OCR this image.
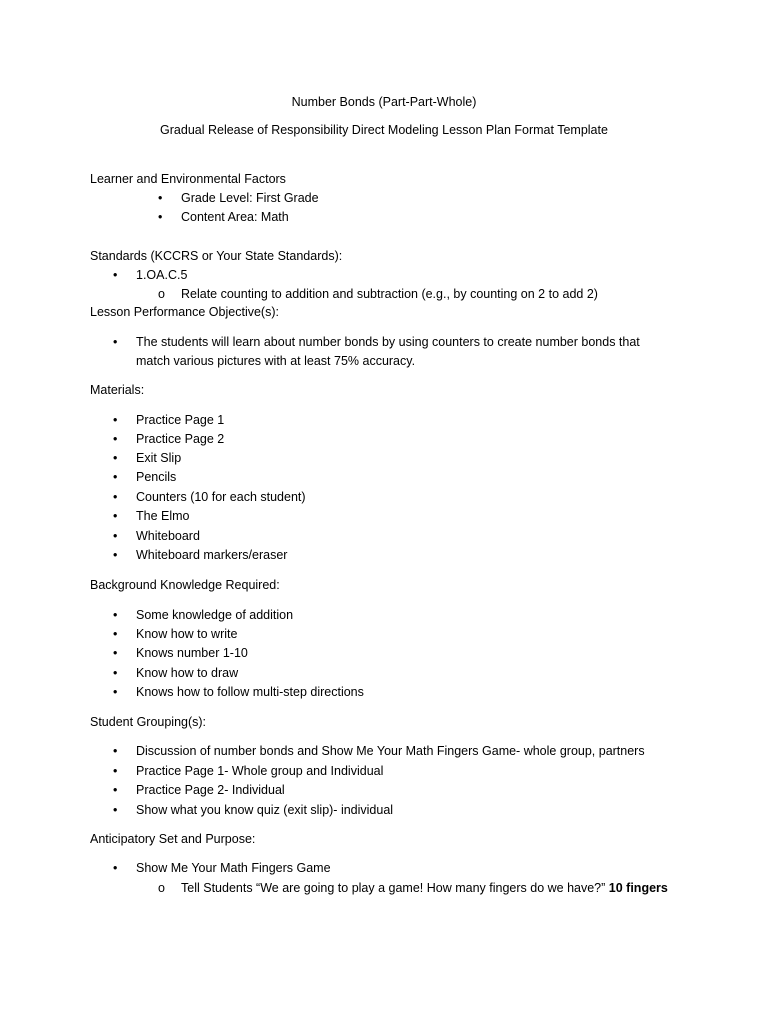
Number Bonds (Part-Part-Whole)
Gradual Release of Responsibility Direct Modeling Lesson Plan Format Template
Learner and Environmental Factors
• Grade Level: First Grade
• Content Area: Math
Standards (KCCRS or Your State Standards):
• 1.OA.C.5
o Relate counting to addition and subtraction (e.g., by counting on 2 to add 2)
Lesson Performance Objective(s):
• The students will learn about number bonds by using counters to create number bonds that
match various pictures with at least 75% accuracy.
Materials:
• Practice Page 1
• Practice Page 2
• Exit Slip
• Pencils
• Counters (10 for each student)
• The Elmo
• Whiteboard
• Whiteboard markers/eraser
Background Knowledge Required:
• Some knowledge of addition
• Know how to write
• Knows number 1-10
• Know how to draw
• Knows how to follow multi-step directions
Student Grouping(s):
• Discussion of number bonds and Show Me Your Math Fingers Game- whole group, partners
• Practice Page 1- Whole group and Individual
• Practice Page 2- Individual
• Show what you know quiz (exit slip)- individual
Anticipatory Set and Purpose:
• Show Me Your Math Fingers Game
o Tell Students “We are going to play a game! How many fingers do we have?” 10 fingers
